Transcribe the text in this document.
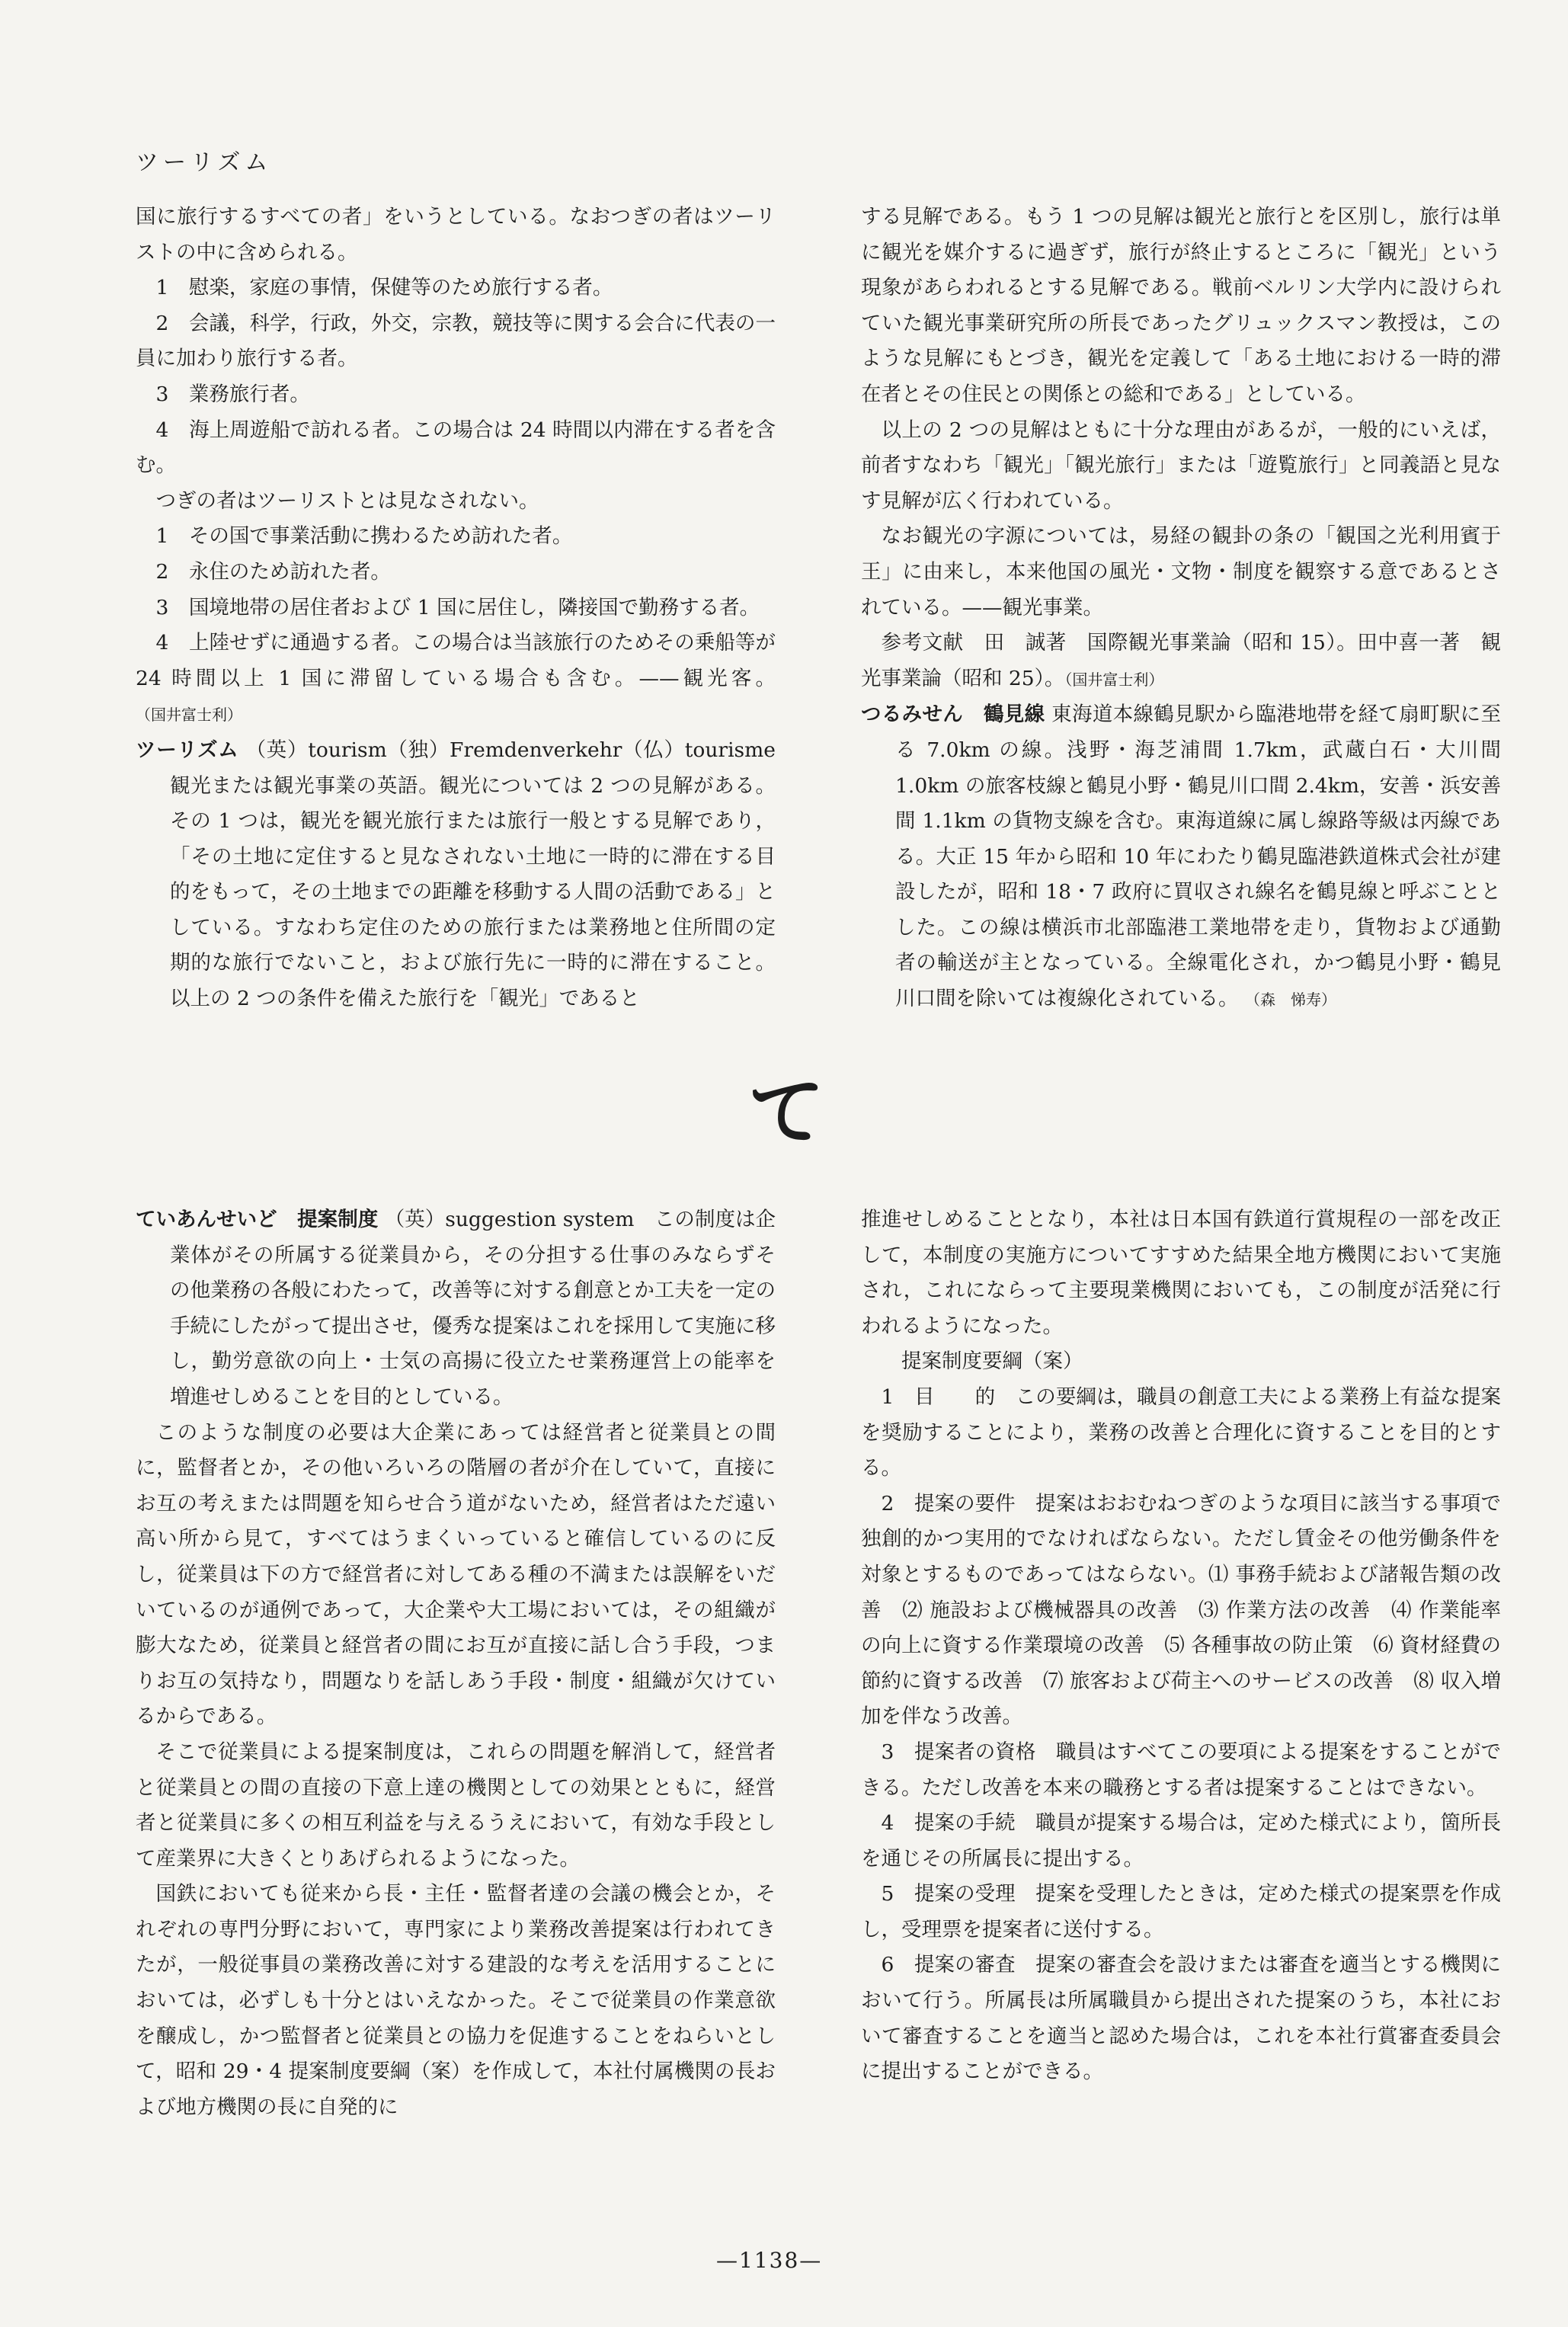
ツーリズム

国に旅行するすべての者」をいうとしている。なおつぎの者はツーリストの中に含められる。

1　慰楽，家庭の事情，保健等のため旅行する者。

2　会議，科学，行政，外交，宗教，競技等に関する会合に代表の一員に加わり旅行する者。

3　業務旅行者。

4　海上周遊船で訪れる者。この場合は 24 時間以内滞在する者を含む。

つぎの者はツーリストとは見なされない。

1　その国で事業活動に携わるため訪れた者。

2　永住のため訪れた者。

3　国境地帯の居住者および 1 国に居住し，隣接国で勤務する者。

4　上陸せずに通過する者。この場合は当該旅行のためその乗船等が 24 時間以上 1 国に滞留している場合も含む。——観光客。（国井富士利）

ツーリズム （英）tourism（独）Fremdenverkehr（仏）tourisme 観光または観光事業の英語。観光については 2 つの見解がある。その 1 つは，観光を観光旅行または旅行一般とする見解であり，「その土地に定住すると見なされない土地に一時的に滞在する目的をもって，その土地までの距離を移動する人間の活動である」としている。すなわち定住のための旅行または業務地と住所間の定期的な旅行でないこと，および旅行先に一時的に滞在すること。以上の 2 つの条件を備えた旅行を「観光」であると

する見解である。もう 1 つの見解は観光と旅行とを区別し，旅行は単に観光を媒介するに過ぎず，旅行が終止するところに「観光」という現象があらわれるとする見解である。戦前ベルリン大学内に設けられていた観光事業研究所の所長であったグリュックスマン教授は，このような見解にもとづき，観光を定義して「ある土地における一時的滞在者とその住民との関係との総和である」としている。

以上の 2 つの見解はともに十分な理由があるが，一般的にいえば，前者すなわち「観光」「観光旅行」または「遊覧旅行」と同義語と見なす見解が広く行われている。

なお観光の字源については，易経の観卦の条の「観国之光利用賓于王」に由来し，本来他国の風光・文物・制度を観察する意であるとされている。——観光事業。

参考文献　田　誠著　国際観光事業論（昭和 15）。田中喜一著　観光事業論（昭和 25）。（国井富士利）

つるみせん　鶴見線 東海道本線鶴見駅から臨港地帯を経て扇町駅に至る 7.0km の線。浅野・海芝浦間 1.7km，武蔵白石・大川間 1.0km の旅客枝線と鶴見小野・鶴見川口間 2.4km，安善・浜安善間 1.1km の貨物支線を含む。東海道線に属し線路等級は丙線である。大正 15 年から昭和 10 年にわたり鶴見臨港鉄道株式会社が建設したが，昭和 18・7 政府に買収され線名を鶴見線と呼ぶこととした。この線は横浜市北部臨港工業地帯を走り，貨物および通勤者の輸送が主となっている。全線電化され，かつ鶴見小野・鶴見川口間を除いては複線化されている。 （森　悌寿）

て

ていあんせいど　提案制度 （英）suggestion system　この制度は企業体がその所属する従業員から，その分担する仕事のみならずその他業務の各般にわたって，改善等に対する創意とか工夫を一定の手続にしたがって提出させ，優秀な提案はこれを採用して実施に移し，勤労意欲の向上・士気の高揚に役立たせ業務運営上の能率を増進せしめることを目的としている。

このような制度の必要は大企業にあっては経営者と従業員との間に，監督者とか，その他いろいろの階層の者が介在していて，直接にお互の考えまたは問題を知らせ合う道がないため，経営者はただ遠い高い所から見て，すべてはうまくいっていると確信しているのに反し，従業員は下の方で経営者に対してある種の不満または誤解をいだいているのが通例であって，大企業や大工場においては，その組織が膨大なため，従業員と経営者の間にお互が直接に話し合う手段，つまりお互の気持なり，問題なりを話しあう手段・制度・組織が欠けているからである。

そこで従業員による提案制度は，これらの問題を解消して，経営者と従業員との間の直接の下意上達の機関としての効果とともに，経営者と従業員に多くの相互利益を与えるうえにおいて，有効な手段として産業界に大きくとりあげられるようになった。

国鉄においても従来から長・主任・監督者達の会議の機会とか，それぞれの専門分野において，専門家により業務改善提案は行われてきたが，一般従事員の業務改善に対する建設的な考えを活用することにおいては，必ずしも十分とはいえなかった。そこで従業員の作業意欲を醸成し，かつ監督者と従業員との協力を促進することをねらいとして，昭和 29・4 提案制度要綱（案）を作成して，本社付属機関の長および地方機関の長に自発的に

推進せしめることとなり，本社は日本国有鉄道行賞規程の一部を改正して，本制度の実施方についてすすめた結果全地方機関において実施され，これにならって主要現業機関においても，この制度が活発に行われるようになった。

提案制度要綱（案）

1　目　　的　この要綱は，職員の創意工夫による業務上有益な提案を奨励することにより，業務の改善と合理化に資することを目的とする。

2　提案の要件　提案はおおむねつぎのような項目に該当する事項で独創的かつ実用的でなければならない。ただし賃金その他労働条件を対象とするものであってはならない。⑴ 事務手続および諸報告類の改善　⑵ 施設および機械器具の改善　⑶ 作業方法の改善　⑷ 作業能率の向上に資する作業環境の改善　⑸ 各種事故の防止策　⑹ 資材経費の節約に資する改善　⑺ 旅客および荷主へのサービスの改善　⑻ 収入増加を伴なう改善。

3　提案者の資格　職員はすべてこの要項による提案をすることができる。ただし改善を本来の職務とする者は提案することはできない。

4　提案の手続　職員が提案する場合は，定めた様式により，箇所長を通じその所属長に提出する。

5　提案の受理　提案を受理したときは，定めた様式の提案票を作成し，受理票を提案者に送付する。

6　提案の審査　提案の審査会を設けまたは審査を適当とする機関において行う。所属長は所属職員から提出された提案のうち，本社において審査することを適当と認めた場合は，これを本社行賞審査委員会に提出することができる。

—1138—
